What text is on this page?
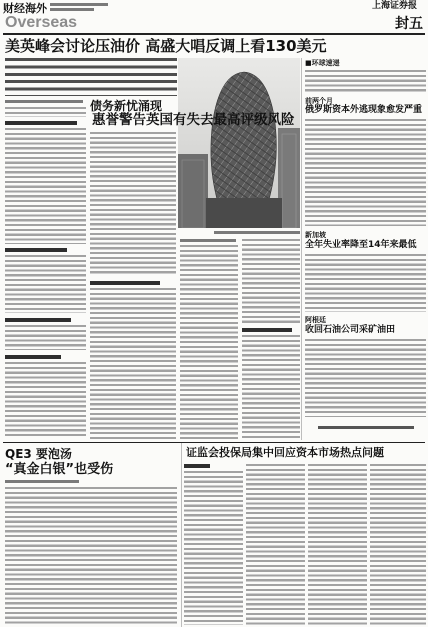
财经海外	上海证券报
Overseas	封五
美英峰会讨论压油价 高盛大唱反调上看130美元
债务新忧涌现
惠誉警告英国有失去最高评级风险
■环球速递
前两个月
俄罗斯资本外逃现象愈发严重
新加坡
全年失业率降至14年来最低
阿根廷
收回石油公司采矿油田
QE3 要泡汤
“真金白银”也受伤
证监会投保局集中回应资本市场热点问题
